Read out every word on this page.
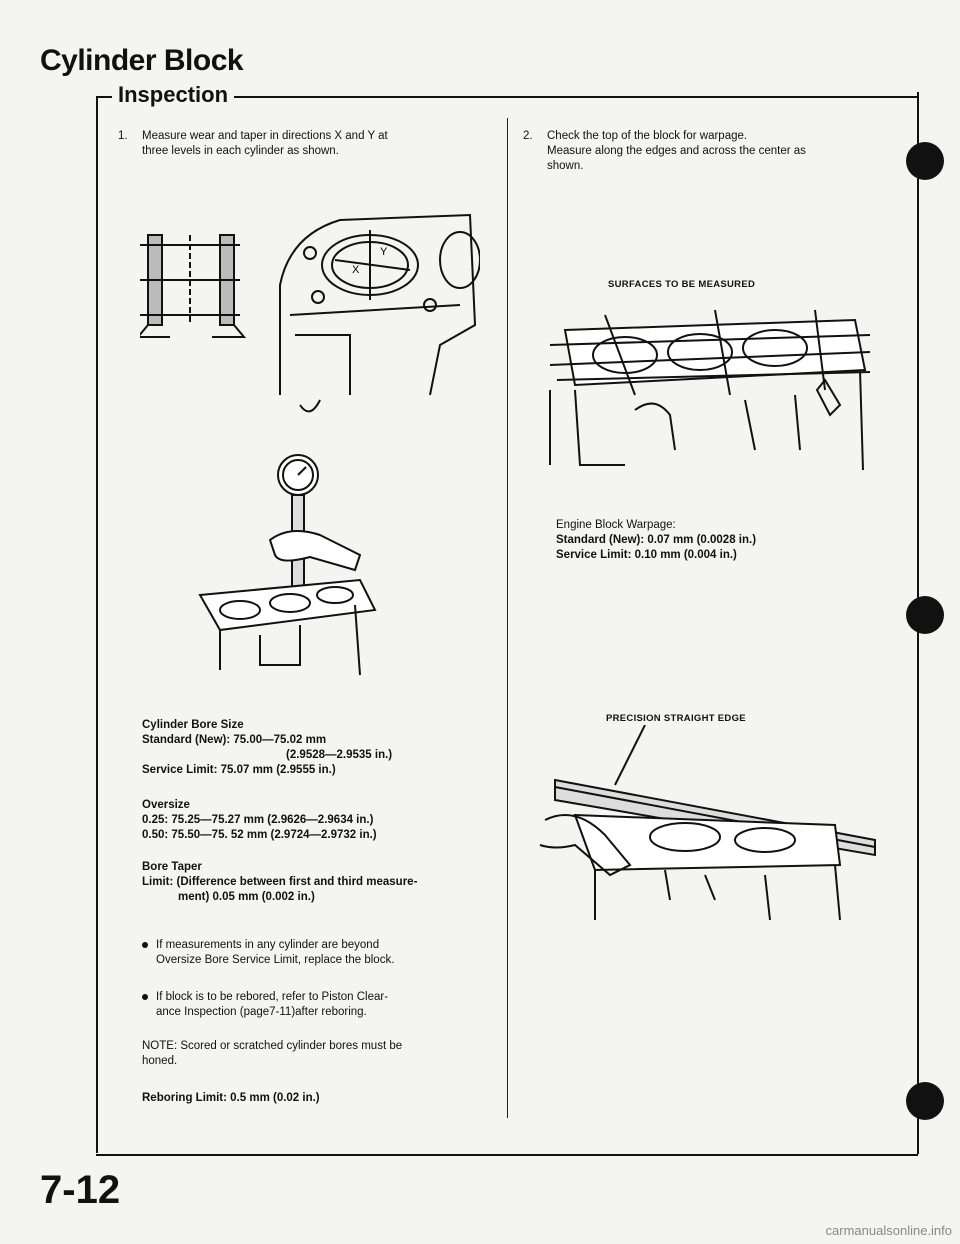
Cylinder Block
Inspection
1. Measure wear and taper in directions X and Y at
three levels in each cylinder as shown.
X
Y
Cylinder Bore Size
Standard (New): 75.00—75.02 mm
(2.9528—2.9535 in.)
Service Limit: 75.07 mm (2.9555 in.)
Oversize
0.25: 75.25—75.27 mm (2.9626—2.9634 in.)
0.50: 75.50—75. 52 mm (2.9724—2.9732 in.)
Bore Taper
Limit: (Difference between first and third measure-
ment) 0.05 mm (0.002 in.)
If measurements in any cylinder are beyond
Oversize Bore Service Limit, replace the block.
If block is to be rebored, refer to Piston Clear-
ance Inspection (page7-11)after reboring.
NOTE: Scored or scratched cylinder bores must be
honed.
Reboring Limit: 0.5 mm (0.02 in.)
2. Check the top of the block for warpage.
Measure along the edges and across the center as
shown.
SURFACES TO BE MEASURED
Engine Block Warpage:
Standard (New): 0.07 mm (0.0028 in.)
Service Limit: 0.10 mm (0.004 in.)
PRECISION STRAIGHT EDGE
7-12
carmanualsonline.info
